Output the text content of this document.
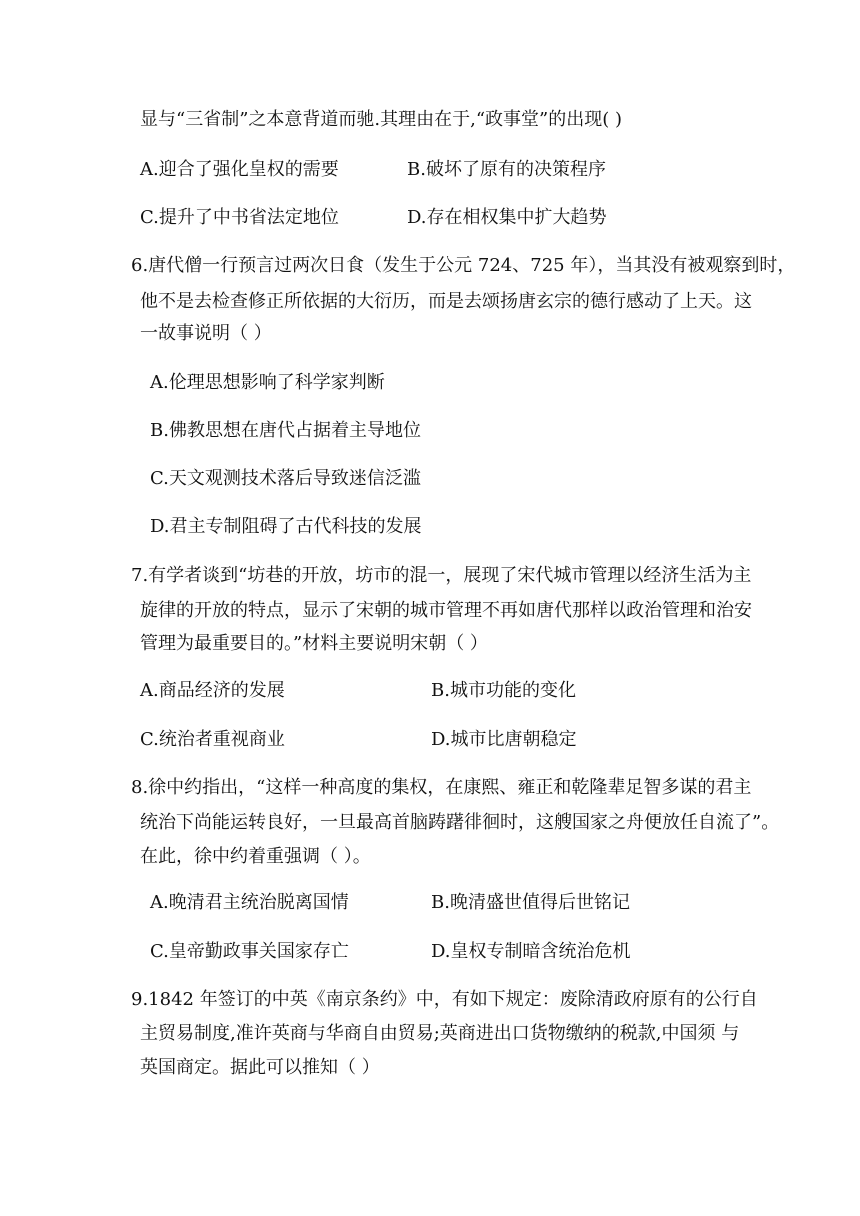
显与“三省制”之本意背道而驰.其理由在于,“政事堂”的出现( )
A.迎合了强化皇权的需要	B.破坏了原有的决策程序
C.提升了中书省法定地位	D.存在相权集中扩大趋势
6.唐代僧一行预言过两次日食（发生于公元 724、725 年），当其没有被观察到时，
他不是去检查修正所依据的大衍历，而是去颂扬唐玄宗的德行感动了上天。这
一故事说明（ ）
A.伦理思想影响了科学家判断
B.佛教思想在唐代占据着主导地位
C.天文观测技术落后导致迷信泛滥
D.君主专制阻碍了古代科技的发展
7.有学者谈到“坊巷的开放，坊市的混一，展现了宋代城市管理以经济生活为主
旋律的开放的特点，显示了宋朝的城市管理不再如唐代那样以政治管理和治安
管理为最重要目的。”材料主要说明宋朝（ ）
A.商品经济的发展	B.城市功能的变化
C.统治者重视商业	D.城市比唐朝稳定
8.徐中约指出，“这样一种高度的集权，在康熙、雍正和乾隆辈足智多谋的君主
统治下尚能运转良好，一旦最高首脑踌躇徘徊时，这艘国家之舟便放任自流了”。
在此，徐中约着重强调（ ）。
A.晚清君主统治脱离国情	B.晚清盛世值得后世铭记
C.皇帝勤政事关国家存亡	D.皇权专制暗含统治危机
9.1842 年签订的中英《南京条约》中，有如下规定：废除清政府原有的公行自
主贸易制度,准许英商与华商自由贸易;英商进出口货物缴纳的税款,中国须 与
英国商定。据此可以推知（ ）
